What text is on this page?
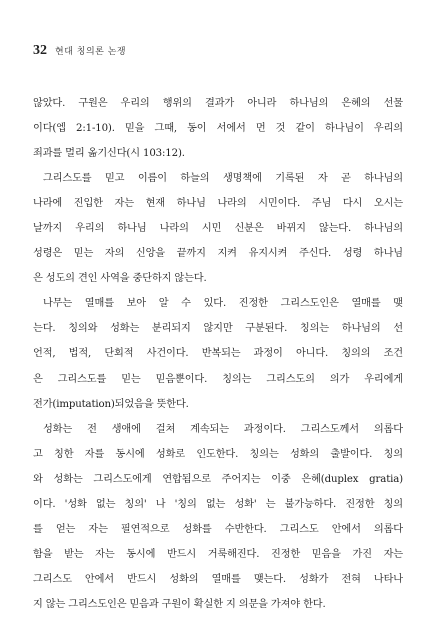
32 현대 칭의론 논쟁
않았다. 구원은 우리의 행위의 결과가 아니라 하나님의 은혜의 선물
이다(엡 2:1-10). 믿을 그때, 동이 서에서 먼 것 같이 하나님이 우리의
죄과를 멀리 옮기신다(시 103:12).
그리스도를 믿고 이름이 하늘의 생명책에 기록된 자 곧 하나님의
나라에 진입한 자는 현재 하나님 나라의 시민이다. 주님 다시 오시는
날까지 우리의 하나님 나라의 시민 신분은 바뀌지 않는다. 하나님의
성령은 믿는 자의 신앙을 끝까지 지켜 유지시켜 주신다. 성령 하나님
은 성도의 견인 사역을 중단하지 않는다.
나무는 열매를 보아 알 수 있다. 진정한 그리스도인은 열매를 맺
는다. 칭의와 성화는 분리되지 않지만 구분된다. 칭의는 하나님의 선
언적, 법적, 단회적 사건이다. 반복되는 과정이 아니다. 칭의의 조건
은 그리스도를 믿는 믿음뿐이다. 칭의는 그리스도의 의가 우리에게
전가(imputation)되었음을 뜻한다.
성화는 전 생애에 걸쳐 계속되는 과정이다. 그리스도께서 의롭다
고 칭한 자를 동시에 성화로 인도한다. 칭의는 성화의 출발이다. 칭의
와 성화는 그리스도에게 연합됨으로 주어지는 이중 은혜(duplex gratia)
이다. '성화 없는 칭의' 나 '칭의 없는 성화' 는 불가능하다. 진정한 칭의
를 얻는 자는 필연적으로 성화를 수반한다. 그리스도 안에서 의롭다
함을 받는 자는 동시에 반드시 거룩해진다. 진정한 믿음을 가진 자는
그리스도 안에서 반드시 성화의 열매를 맺는다. 성화가 전혀 나타나
지 않는 그리스도인은 믿음과 구원이 확실한 지 의문을 가져야 한다.
